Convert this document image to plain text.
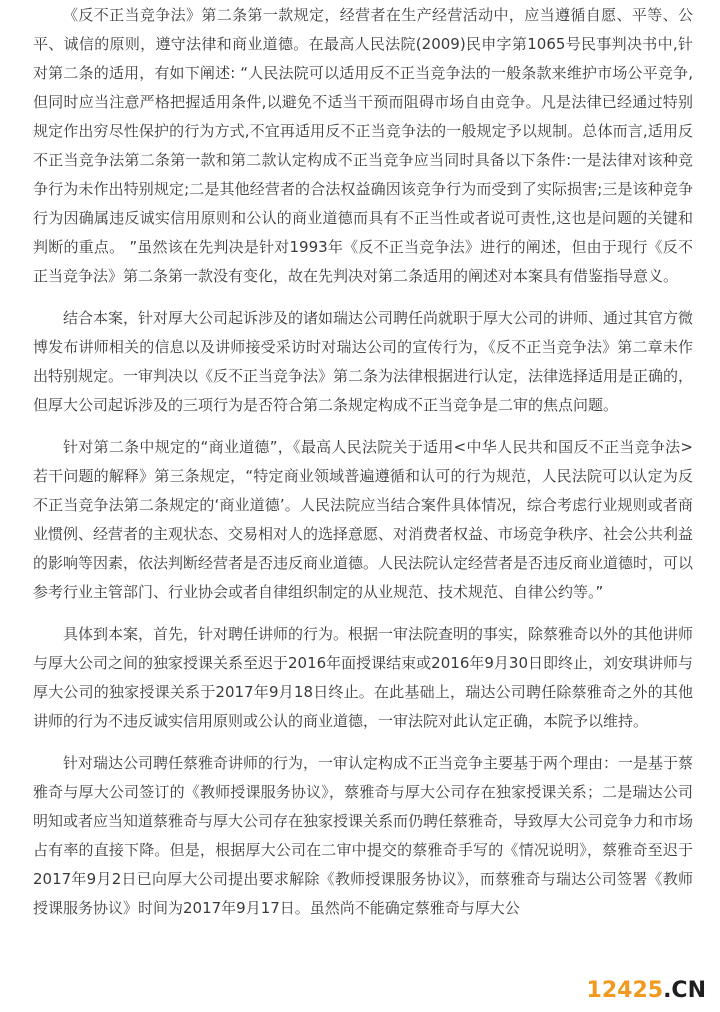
《反不正当竞争法》第二条第一款规定，经营者在生产经营活动中，应当遵循自愿、平等、公平、诚信的原则，遵守法律和商业道德。在最高人民法院(2009)民申字第1065号民事判决书中,针对第二条的适用，有如下阐述: “人民法院可以适用反不正当竞争法的一般条款来维护市场公平竞争,但同时应当注意严格把握适用条件,以避免不适当干预而阻碍市场自由竞争。凡是法律已经通过特别规定作出穷尽性保护的行为方式,不宜再适用反不正当竞争法的一般规定予以规制。总体而言,适用反不正当竞争法第二条第一款和第二款认定构成不正当竞争应当同时具备以下条件:一是法律对该种竞争行为未作出特别规定;二是其他经营者的合法权益确因该竞争行为而受到了实际损害;三是该种竞争行为因确属违反诚实信用原则和公认的商业道德而具有不正当性或者说可责性,这也是问题的关键和判断的重点。 ”虽然该在先判决是针对1993年《反不正当竞争法》进行的阐述，但由于现行《反不正当竞争法》第二条第一款没有变化，故在先判决对第二条适用的阐述对本案具有借鉴指导意义。

结合本案，针对厚大公司起诉涉及的诸如瑞达公司聘任尚就职于厚大公司的讲师、通过其官方微博发布讲师相关的信息以及讲师接受采访时对瑞达公司的宣传行为，《反不正当竞争法》第二章未作出特别规定。一审判决以《反不正当竞争法》第二条为法律根据进行认定，法律选择适用是正确的，但厚大公司起诉涉及的三项行为是否符合第二条规定构成不正当竞争是二审的焦点问题。

针对第二条中规定的“商业道德”，《最高人民法院关于适用<中华人民共和国反不正当竞争法>若干问题的解释》第三条规定，“特定商业领域普遍遵循和认可的行为规范，人民法院可以认定为反不正当竞争法第二条规定的‘商业道德’。人民法院应当结合案件具体情况，综合考虑行业规则或者商业惯例、经营者的主观状态、交易相对人的选择意愿、对消费者权益、市场竞争秩序、社会公共利益的影响等因素，依法判断经营者是否违反商业道德。人民法院认定经营者是否违反商业道德时，可以参考行业主管部门、行业协会或者自律组织制定的从业规范、技术规范、自律公约等。”

具体到本案，首先，针对聘任讲师的行为。根据一审法院查明的事实，除蔡雅奇以外的其他讲师与厚大公司之间的独家授课关系至迟于2016年面授课结束或2016年9月30日即终止，刘安琪讲师与厚大公司的独家授课关系于2017年9月18日终止。在此基础上，瑞达公司聘任除蔡雅奇之外的其他讲师的行为不违反诚实信用原则或公认的商业道德，一审法院对此认定正确，本院予以维持。

针对瑞达公司聘任蔡雅奇讲师的行为，一审认定构成不正当竞争主要基于两个理由：一是基于蔡雅奇与厚大公司签订的《教师授课服务协议》，蔡雅奇与厚大公司存在独家授课关系；二是瑞达公司明知或者应当知道蔡雅奇与厚大公司存在独家授课关系而仍聘任蔡雅奇，导致厚大公司竞争力和市场占有率的直接下降。但是，根据厚大公司在二审中提交的蔡雅奇手写的《情况说明》，蔡雅奇至迟于2017年9月2日已向厚大公司提出要求解除《教师授课服务协议》，而蔡雅奇与瑞达公司签署《教师授课服务协议》时间为2017年9月17日。虽然尚不能确定蔡雅奇与厚大公

12425.CN
